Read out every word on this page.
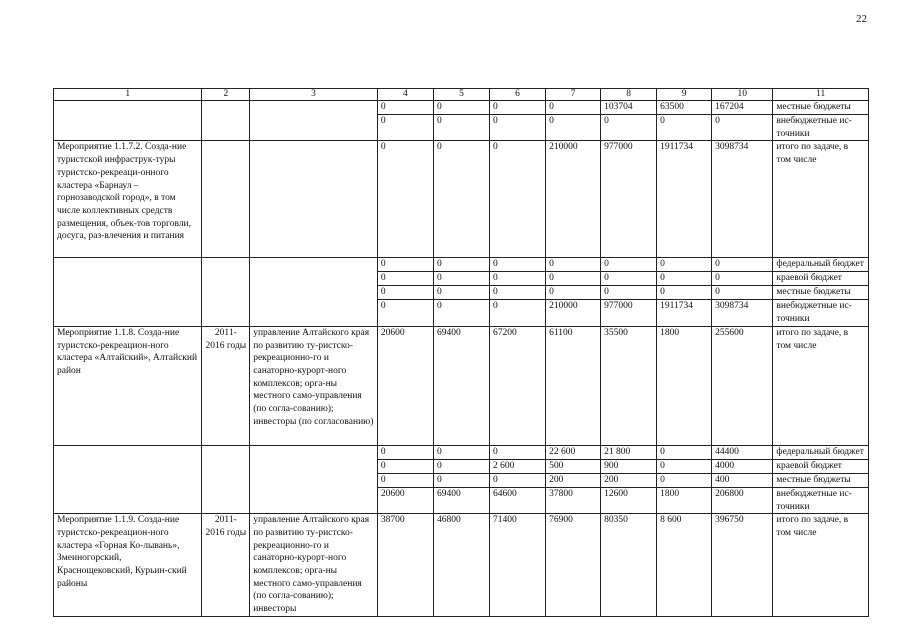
22
1	2	3	4	5	6	7	8	9	10	11
			0	0	0	0	103704	63500	167204	местные бюджеты
			0	0	0	0	0	0	0	внебюджетные ис-точники
Мероприятие 1.1.7.2. Созда-ние туристской инфраструк-туры туристско-рекреаци-онного кластера «Барнаул – горнозаводской город», в том числе коллективных средств размещения, объек-тов торговли, досуга, раз-влечения и питания			0	0	0	210000	977000	1911734	3098734	итого по задаче, в том числе
			0	0	0	0	0	0	0	федеральный бюджет
			0	0	0	0	0	0	0	краевой бюджет
			0	0	0	0	0	0	0	местные бюджеты
			0	0	0	210000	977000	1911734	3098734	внебюджетные ис-точники
Мероприятие 1.1.8. Созда-ние туристско-рекреацион-ного кластера «Алтайский», Алтайский район	2011-2016 годы	управление Алтайского края по развитию ту-ристско-рекреационно-го и санаторно-курорт-ного комплексов; орга-ны местного само-управления (по согла-сованию); инвесторы (по согласованию)	20600	69400	67200	61100	35500	1800	255600	итого по задаче, в том числе
			0	0	0	22 600	21 800	0	44400	федеральный бюджет
			0	0	2 600	500	900	0	4000	краевой бюджет
			0	0	0	200	200	0	400	местные бюджеты
			20600	69400	64600	37800	12600	1800	206800	внебюджетные ис-точники
Мероприятие 1.1.9. Созда-ние туристско-рекреацион-ного кластера «Горная Ко-лывань», Змеиногорский, Краснощековский, Курьин-ский районы	2011-2016 годы	управление Алтайского края по развитию ту-ристско-рекреационно-го и санаторно-курорт-ного комплексов; орга-ны местного само-управления (по согла-сованию); инвесторы	38700	46800	71400	76900	80350	8 600	396750	итого по задаче, в том числе
